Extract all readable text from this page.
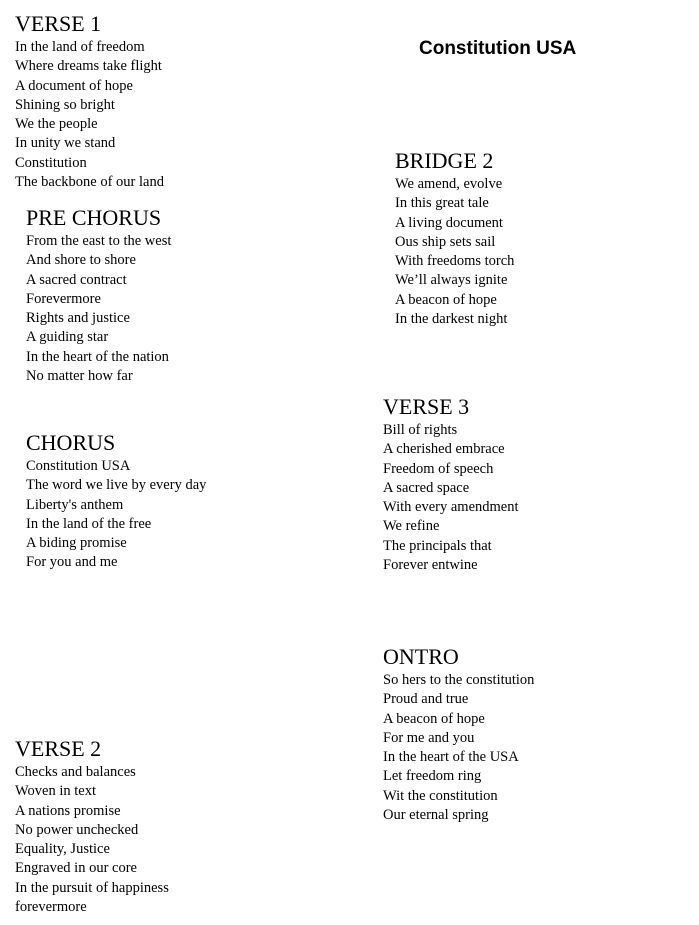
Constitution USA
VERSE 1
In the land of freedom
Where dreams take flight
A document of hope
Shining so bright
We the people
In unity we stand
Constitution
The backbone of our land
PRE CHORUS
From the east to the west
And shore to shore
A sacred contract
Forevermore
Rights and justice
A guiding star
In the heart of the nation
No matter how far
CHORUS
Constitution USA
The word we live by every day
Liberty's anthem
In the land of the free
A biding promise
For you and me
VERSE 2
Checks and balances
Woven in text
A nations promise
No power unchecked
Equality, Justice
Engraved in our core
In the pursuit of happiness
forevermore
BRIDGE 2
We amend, evolve
In this great tale
A living document
Ous ship sets sail
With freedoms torch
We’ll always ignite
A beacon of hope
In the darkest night
VERSE 3
Bill of rights
A cherished embrace
Freedom of speech
A sacred space
With every amendment
We refine
The principals that
Forever entwine
ONTRO
So hers to the constitution
Proud and true
A beacon of hope
For me and you
In the heart of the USA
Let freedom ring
Wit the constitution
Our eternal spring
